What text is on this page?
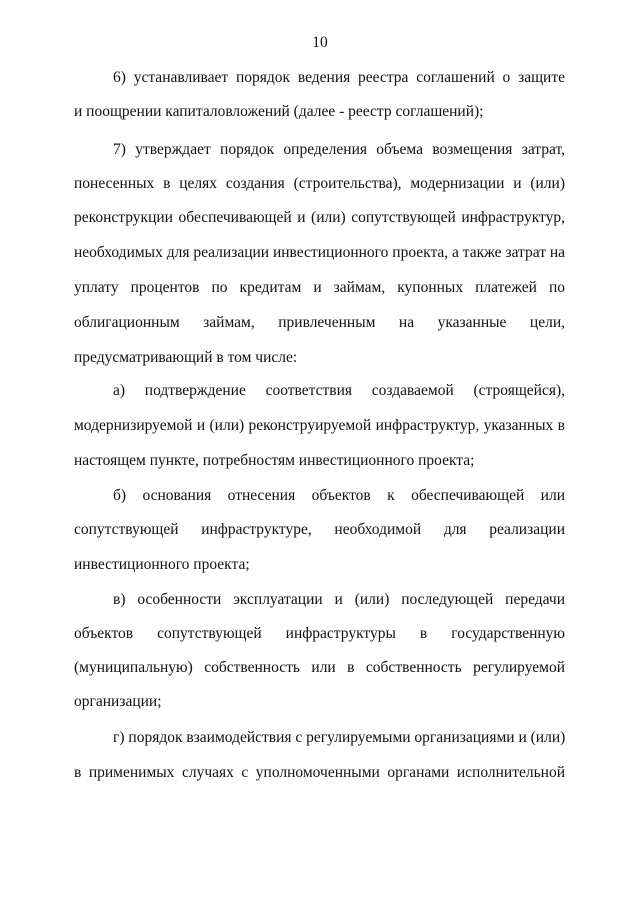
10
6) устанавливает порядок ведения реестра соглашений о защите
и поощрении капиталовложений (далее - реестр соглашений);
7) утверждает порядок определения объема возмещения затрат,
понесенных в целях создания (строительства), модернизации и (или)
реконструкции обеспечивающей и (или) сопутствующей инфраструктур,
необходимых для реализации инвестиционного проекта, а также затрат на
уплату процентов по кредитам и займам, купонных платежей по
облигационным займам, привлеченным на указанные цели,
предусматривающий в том числе:
а) подтверждение соответствия создаваемой (строящейся),
модернизируемой и (или) реконструируемой инфраструктур, указанных в
настоящем пункте, потребностям инвестиционного проекта;
б) основания отнесения объектов к обеспечивающей или
сопутствующей инфраструктуре, необходимой для реализации
инвестиционного проекта;
в) особенности эксплуатации и (или) последующей передачи
объектов сопутствующей инфраструктуры в государственную
(муниципальную) собственность или в собственность регулируемой
организации;
г) порядок взаимодействия с регулируемыми организациями и (или)
в применимых случаях с уполномоченными органами исполнительной
